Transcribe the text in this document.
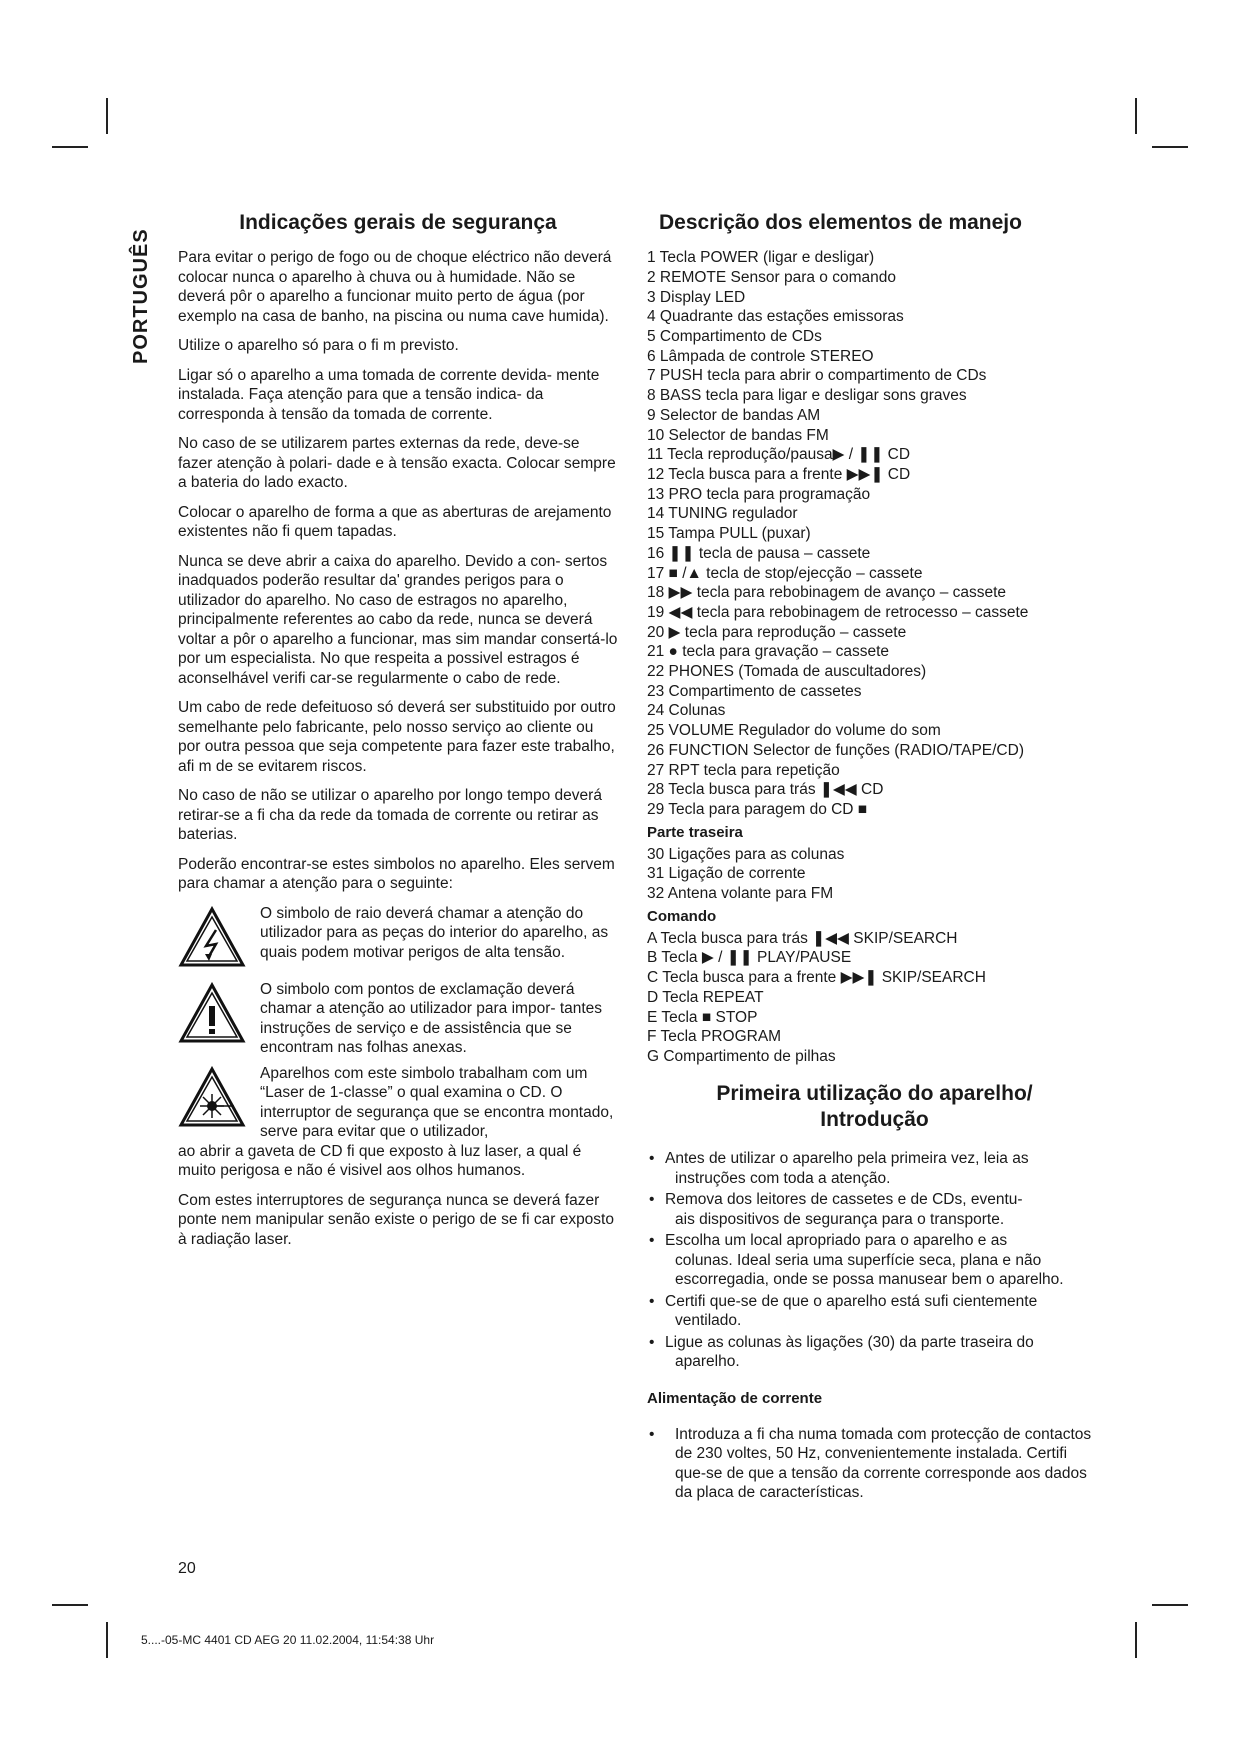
PORTUGUÊS
Indicações gerais de segurança

Para evitar o perigo de fogo ou de choque eléctrico não deverá colocar nunca o aparelho à chuva ou à humidade. Não se deverá pôr o aparelho a funcionar muito perto de água (por exemplo na casa de banho, na piscina ou numa cave humida).

Utilize o aparelho só para o fi m previsto.

Ligar só o aparelho a uma tomada de corrente devida- mente instalada. Faça atenção para que a tensão indica- da corresponda à tensão da tomada de corrente.

No caso de se utilizarem partes externas da rede, deve-se fazer atenção à polari- dade e à tensão exacta. Colocar sempre a bateria do lado exacto.

Colocar o aparelho de forma a que as aberturas de arejamento existentes não fi quem tapadas.

Nunca se deve abrir a caixa do aparelho. Devido a con- sertos inadquados poderão resultar da' grandes perigos para o utilizador do aparelho. No caso de estragos no aparelho, principalmente referentes ao cabo da rede, nunca se deverá voltar a pôr o aparelho a funcionar, mas sim mandar consertá-lo por um especialista. No que respeita a possivel estragos é aconselhável verifi car-se regularmente o cabo de rede.

Um cabo de rede defeituoso só deverá ser substituido por outro semelhante pelo fabricante, pelo nosso serviço ao cliente ou por outra pessoa que seja competente para fazer este trabalho, afi m de se evitarem riscos.

No caso de não se utilizar o aparelho por longo tempo deverá retirar-se a fi cha da rede da tomada de corrente ou retirar as baterias.

Poderão encontrar-se estes simbolos no aparelho. Eles servem para chamar a atenção para o seguinte:

O simbolo de raio deverá chamar a atenção do utilizador para as peças do interior do aparelho, as quais podem motivar perigos de alta tensão.
O simbolo com pontos de exclamação deverá chamar a atenção ao utilizador para impor- tantes instruções de serviço e de assistência que se encontram nas folhas anexas.
Aparelhos com este simbolo trabalham com um “Laser de 1-classe” o qual examina o CD. O interruptor de segurança que se encontra montado, serve para evitar que o utilizador,
ao abrir a gaveta de CD fi que exposto à luz laser, a qual é muito perigosa e não é visivel aos olhos humanos.

Com estes interruptores de segurança nunca se deverá fazer ponte nem manipular senão existe o perigo de se fi car exposto à radiação laser.

Descrição dos elementos de manejo
1 Tecla POWER (ligar e desligar)
2 REMOTE Sensor para o comando
3 Display LED
4 Quadrante das estações emissoras
5 Compartimento de CDs
6 Lâmpada de controle STEREO
7 PUSH tecla para abrir o compartimento de CDs
8 BASS tecla para ligar e desligar sons graves
9 Selector de bandas AM
10 Selector de bandas FM
11 Tecla reprodução/pausa▶ / ❚❚ CD
12 Tecla busca para a frente ▶▶❚ CD
13 PRO tecla para programação
14 TUNING regulador
15 Tampa PULL (puxar)
16 ❚❚ tecla de pausa – cassete
17 ■ /▲ tecla de stop/ejecção – cassete
18 ▶▶ tecla para rebobinagem de avanço – cassete
19 ◀◀ tecla para rebobinagem de retrocesso – cassete
20 ▶ tecla para reprodução – cassete
21 ● tecla para gravação – cassete
22 PHONES (Tomada de auscultadores)
23 Compartimento de cassetes
24 Colunas
25 VOLUME Regulador do volume do som
26 FUNCTION Selector de funções (RADIO/TAPE/CD)
27 RPT tecla para repetição
28 Tecla busca para trás ❚◀◀ CD
29 Tecla para paragem do CD ■
Parte traseira
30 Ligações para as colunas
31 Ligação de corrente
32 Antena volante para FM
Comando
A Tecla busca para trás ❚◀◀ SKIP/SEARCH
B Tecla ▶ / ❚❚ PLAY/PAUSE
C Tecla busca para a frente ▶▶❚ SKIP/SEARCH
D Tecla REPEAT
E Tecla ■ STOP
F Tecla PROGRAM
G Compartimento de pilhas
Primeira utilização do aparelho/
Introdução
• Antes de utilizar o aparelho pela primeira vez, leia as
instruções com toda a atenção.
• Remova dos leitores de cassetes e de CDs, eventu-
ais dispositivos de segurança para o transporte.
• Escolha um local apropriado para o aparelho e as
colunas. Ideal seria uma superfície seca, plana e não escorregadia, onde se possa manusear bem o aparelho.
• Certifi que-se de que o aparelho está sufi cientemente
ventilado.
• Ligue as colunas às ligações (30) da parte traseira do
aparelho.
Alimentação de corrente
• Introduza a fi cha numa tomada com protecção de contactos de 230 voltes, 50 Hz, convenientemente instalada. Certifi que-se de que a tensão da corrente corresponde aos dados da placa de características.
20
5....-05-MC 4401 CD AEG 20 11.02.2004, 11:54:38 Uhr
